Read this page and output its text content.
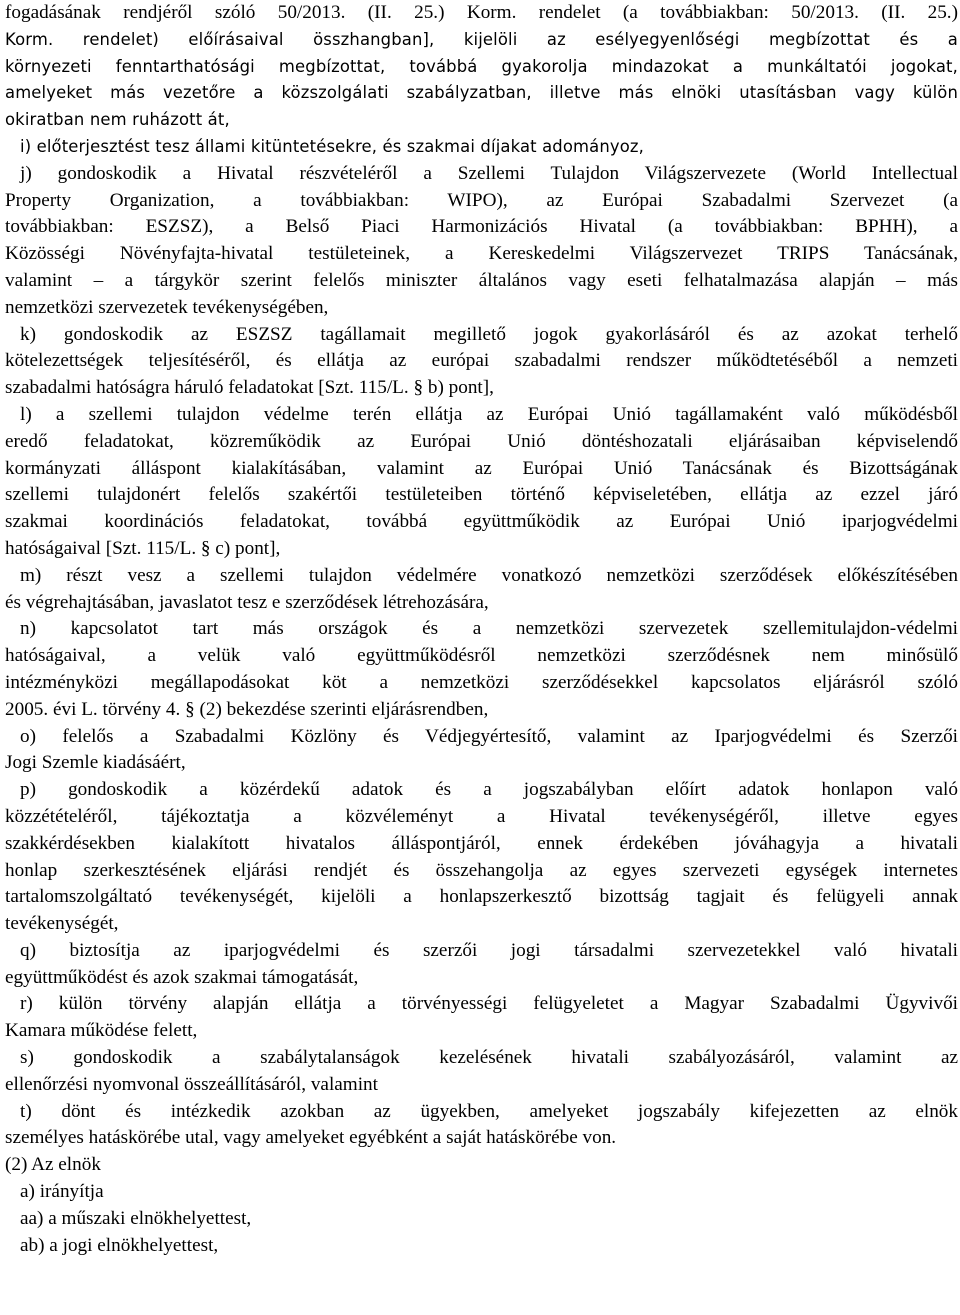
fogadásának rendjéről szóló 50/2013. (II. 25.) Korm. rendelet (a továbbiakban: 50/2013. (II. 25.)
Korm. rendelet) előírásaival összhangban], kijelöli az esélyegyenlőségi megbízottat és a
környezeti fenntarthatósági megbízottat, továbbá gyakorolja mindazokat a munkáltatói jogokat,
amelyeket más vezetőre a közszolgálati szabályzatban, illetve más elnöki utasításban vagy külön
okiratban nem ruházott át,
i) előterjesztést tesz állami kitüntetésekre, és szakmai díjakat adományoz,
j) gondoskodik a Hivatal részvételéről a Szellemi Tulajdon Világszervezete (World Intellectual
Property Organization, a továbbiakban: WIPO), az Európai Szabadalmi Szervezet (a
továbbiakban: ESZSZ), a Belső Piaci Harmonizációs Hivatal (a továbbiakban: BPHH), a
Közösségi Növényfajta-hivatal testületeinek, a Kereskedelmi Világszervezet TRIPS Tanácsának,
valamint – a tárgykör szerint felelős miniszter általános vagy eseti felhatalmazása alapján – más
nemzetközi szervezetek tevékenységében,
k) gondoskodik az ESZSZ tagállamait megillető jogok gyakorlásáról és az azokat terhelő
kötelezettségek teljesítéséről, és ellátja az európai szabadalmi rendszer működtetéséből a nemzeti
szabadalmi hatóságra háruló feladatokat [Szt. 115/L. § b) pont],
l) a szellemi tulajdon védelme terén ellátja az Európai Unió tagállamaként való működésből
eredő feladatokat, közreműködik az Európai Unió döntéshozatali eljárásaiban képviselendő
kormányzati álláspont kialakításában, valamint az Európai Unió Tanácsának és Bizottságának
szellemi tulajdonért felelős szakértői testületeiben történő képviseletében, ellátja az ezzel járó
szakmai koordinációs feladatokat, továbbá együttműködik az Európai Unió iparjogvédelmi
hatóságaival [Szt. 115/L. § c) pont],
m) részt vesz a szellemi tulajdon védelmére vonatkozó nemzetközi szerződések előkészítésében
és végrehajtásában, javaslatot tesz e szerződések létrehozására,
n) kapcsolatot tart más országok és a nemzetközi szervezetek szellemitulajdon-védelmi
hatóságaival, a velük való együttműködésről nemzetközi szerződésnek nem minősülő
intézményközi megállapodásokat köt a nemzetközi szerződésekkel kapcsolatos eljárásról szóló
2005. évi L. törvény 4. § (2) bekezdése szerinti eljárásrendben,
o) felelős a Szabadalmi Közlöny és Védjegyértesítő, valamint az Iparjogvédelmi és Szerzői
Jogi Szemle kiadásáért,
p) gondoskodik a közérdekű adatok és a jogszabályban előírt adatok honlapon való
közzétételéről, tájékoztatja a közvéleményt a Hivatal tevékenységéről, illetve egyes
szakkérdésekben kialakított hivatalos álláspontjáról, ennek érdekében jóváhagyja a hivatali
honlap szerkesztésének eljárási rendjét és összehangolja az egyes szervezeti egységek internetes
tartalomszolgáltató tevékenységét, kijelöli a honlapszerkesztő bizottság tagjait és felügyeli annak
tevékenységét,
q) biztosítja az iparjogvédelmi és szerzői jogi társadalmi szervezetekkel való hivatali
együttműködést és azok szakmai támogatását,
r) külön törvény alapján ellátja a törvényességi felügyeletet a Magyar Szabadalmi Ügyvivői
Kamara működése felett,
s) gondoskodik a szabálytalanságok kezelésének hivatali szabályozásáról, valamint az
ellenőrzési nyomvonal összeállításáról, valamint
t) dönt és intézkedik azokban az ügyekben, amelyeket jogszabály kifejezetten az elnök
személyes hatáskörébe utal, vagy amelyeket egyébként a saját hatáskörébe von.
(2) Az elnök
a) irányítja
aa) a műszaki elnökhelyettest,
ab) a jogi elnökhelyettest,
